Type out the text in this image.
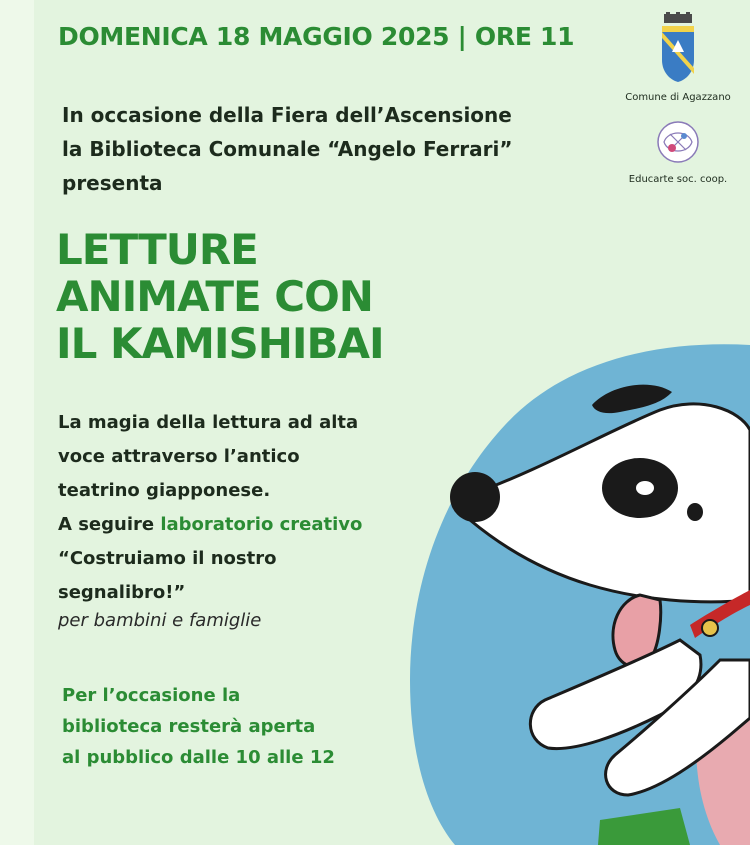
DOMENICA 18 MAGGIO 2025 | ORE 11
In occasione della Fiera dell’Ascensione
la Biblioteca Comunale “Angelo Ferrari”
presenta
LETTURE
ANIMATE CON
IL KAMISHIBAI
La magia della lettura ad alta
voce attraverso l’antico
teatrino giapponese.
A seguire laboratorio creativo
“Costruiamo il nostro
segnalibro!”
per bambini e famiglie
Per l’occasione la
biblioteca resterà aperta
al pubblico dalle 10 alle 12
Comune di Agazzano
Educarte soc. coop.
